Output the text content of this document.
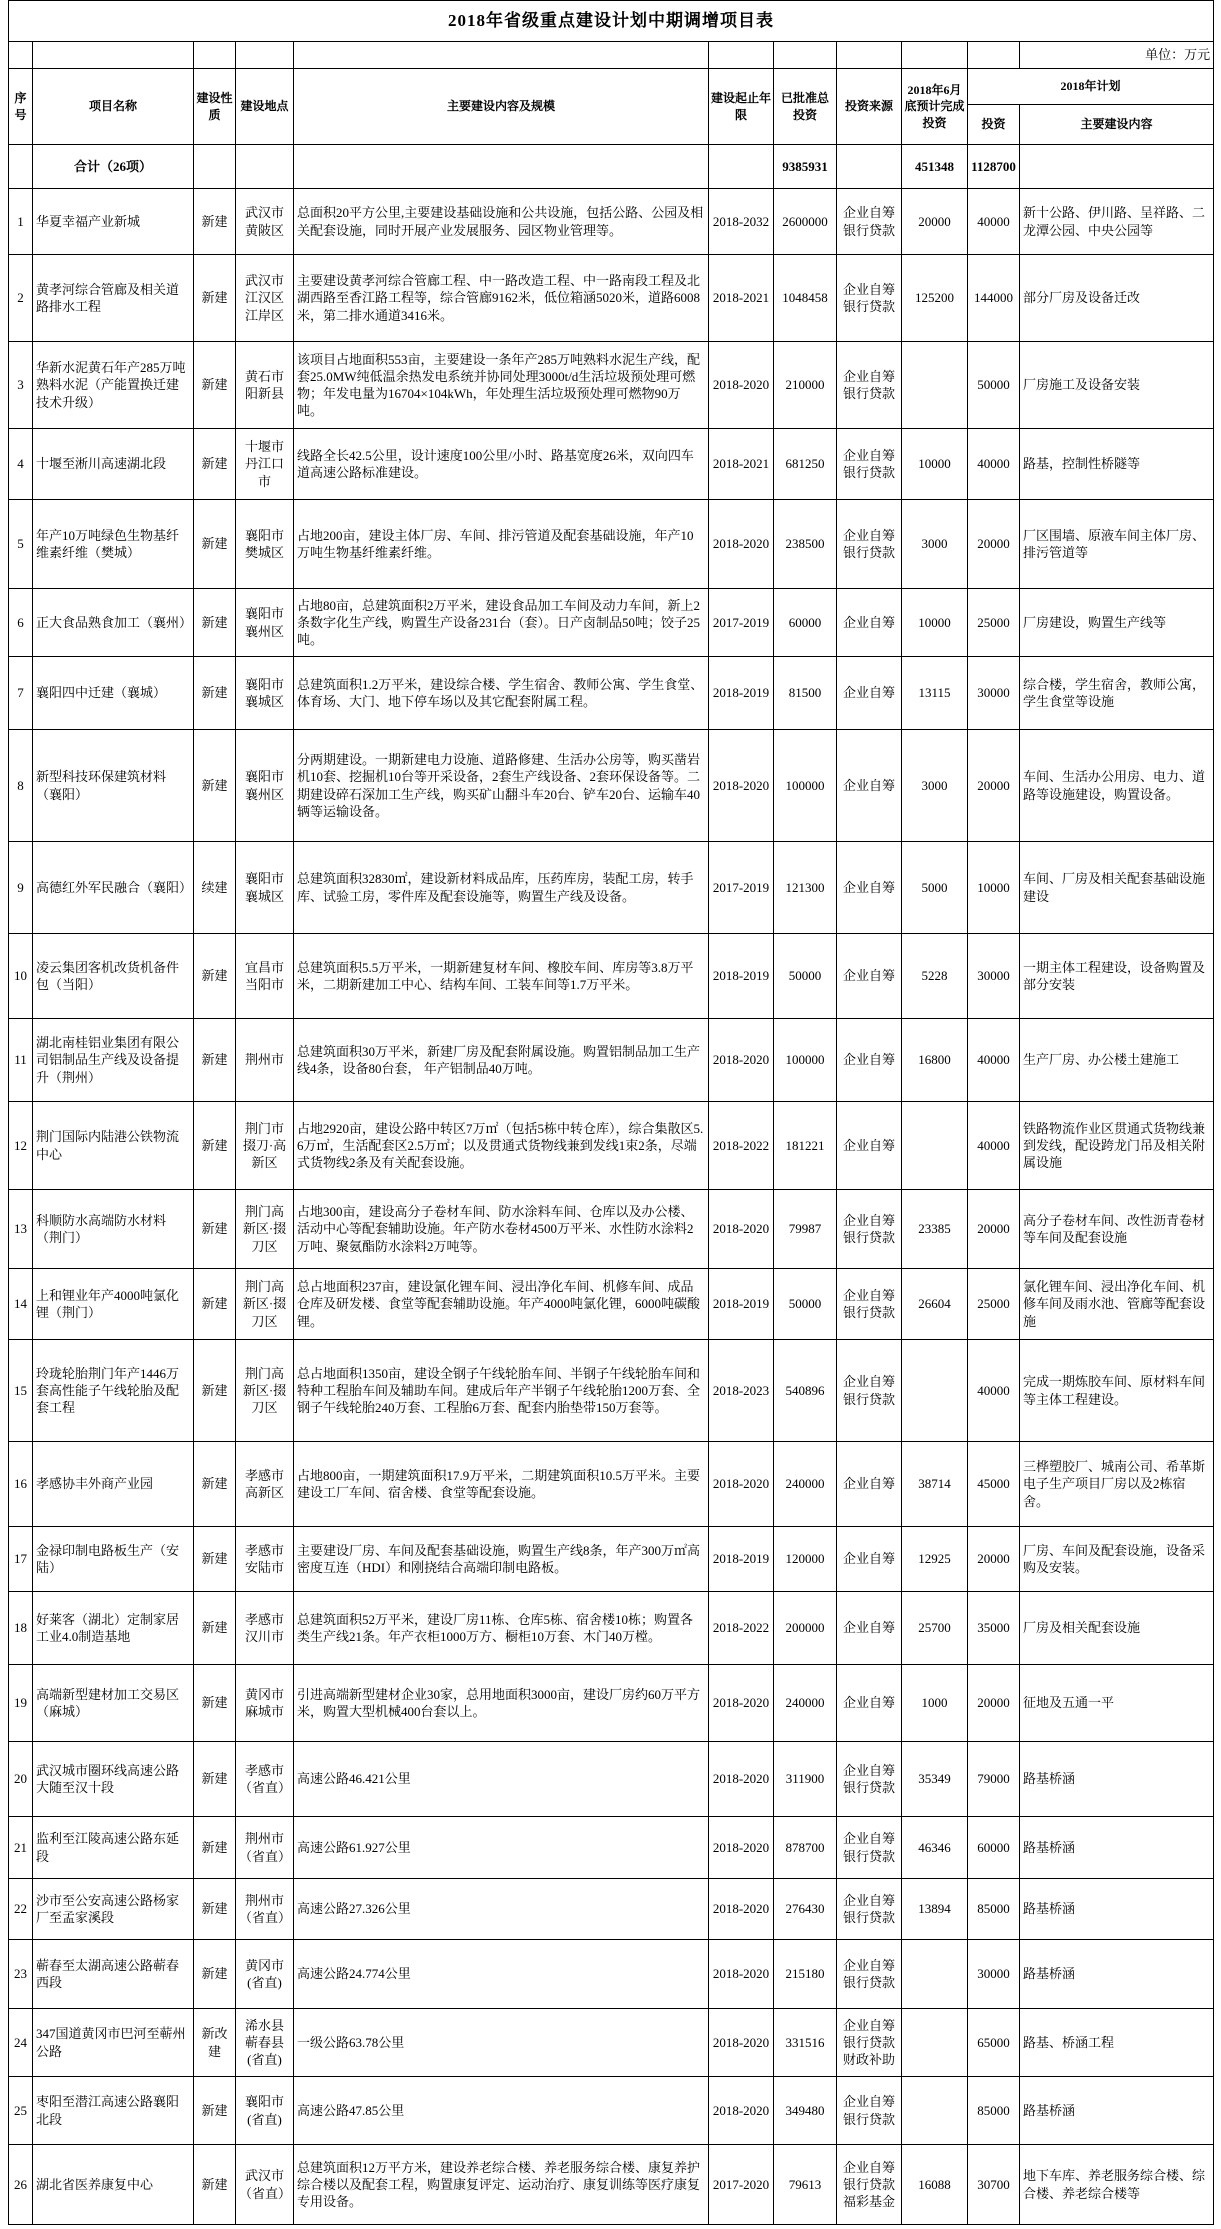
2018年省级重点建设计划中期调增项目表										
										单位：万元
序号	项目名称	建设性质	建设地点	主要建设内容及规模	建设起止年限	已批准总投资	投资来源	2018年6月底预计完成投资	2018年计划	
									投资	主要建设内容
	合计（26项）					9385931		451348	1128700	
1	华夏幸福产业新城	新建	武汉市黄陂区	总面积20平方公里,主要建设基础设施和公共设施，包括公路、公园及相关配套设施，同时开展产业发展服务、园区物业管理等。	2018-2032	2600000	企业自筹银行贷款	20000	40000	新十公路、伊川路、呈祥路、二龙潭公园、中央公园等
2	黄孝河综合管廊及相关道路排水工程	新建	武汉市江汉区江岸区	主要建设黄孝河综合管廊工程、中一路改造工程、中一路南段工程及北湖西路至香江路工程等，综合管廊9162米，低位箱涵5020米，道路6008米，第二排水通道3416米。	2018-2021	1048458	企业自筹银行贷款	125200	144000	部分厂房及设备迁改
3	华新水泥黄石年产285万吨熟料水泥（产能置换迁建技术升级）	新建	黄石市阳新县	该项目占地面积553亩，主要建设一条年产285万吨熟料水泥生产线，配套25.0MW纯低温余热发电系统并协同处理3000t/d生活垃圾预处理可燃物；年发电量为16704×104kWh，年处理生活垃圾预处理可燃物90万吨。	2018-2020	210000	企业自筹银行贷款		50000	厂房施工及设备安装
4	十堰至淅川高速湖北段	新建	十堰市丹江口市	线路全长42.5公里，设计速度100公里/小时、路基宽度26米，双向四车道高速公路标准建设。	2018-2021	681250	企业自筹银行贷款	10000	40000	路基，控制性桥隧等
5	年产10万吨绿色生物基纤维素纤维（樊城）	新建	襄阳市樊城区	占地200亩，建设主体厂房、车间、排污管道及配套基础设施，年产10万吨生物基纤维素纤维。	2018-2020	238500	企业自筹银行贷款	3000	20000	厂区围墙、原液车间主体厂房、排污管道等
6	正大食品熟食加工（襄州）	新建	襄阳市襄州区	占地80亩，总建筑面积2万平米，建设食品加工车间及动力车间，新上2条数字化生产线，购置生产设备231台（套）。日产卤制品50吨；饺子25吨。	2017-2019	60000	企业自筹	10000	25000	厂房建设，购置生产线等
7	襄阳四中迁建（襄城）	新建	襄阳市襄城区	总建筑面积1.2万平米，建设综合楼、学生宿舍、教师公寓、学生食堂、体育场、大门、地下停车场以及其它配套附属工程。	2018-2019	81500	企业自筹	13115	30000	综合楼，学生宿舍，教师公寓，学生食堂等设施
8	新型科技环保建筑材料（襄阳）	新建	襄阳市襄州区	分两期建设。一期新建电力设施、道路修建、生活办公房等，购买凿岩机10套、挖掘机10台等开采设备，2套生产线设备、2套环保设备等。二期建设碎石深加工生产线，购买矿山翻斗车20台、铲车20台、运输车40辆等运输设备。	2018-2020	100000	企业自筹	3000	20000	车间、生活办公用房、电力、道路等设施建设，购置设备。
9	高德红外军民融合（襄阳）	续建	襄阳市襄城区	总建筑面积32830㎡，建设新材料成品库，压药库房，装配工房，转手库、试验工房，零件库及配套设施等，购置生产线及设备。	2017-2019	121300	企业自筹	5000	10000	车间、厂房及相关配套基础设施建设
10	凌云集团客机改货机备件包（当阳）	新建	宜昌市当阳市	总建筑面积5.5万平米，一期新建复材车间、橡胶车间、库房等3.8万平米，二期新建加工中心、结构车间、工装车间等1.7万平米。	2018-2019	50000	企业自筹	5228	30000	一期主体工程建设，设备购置及部分安装
11	湖北南桂铝业集团有限公司铝制品生产线及设备提升（荆州）	新建	荆州市	总建筑面积30万平米，新建厂房及配套附属设施。购置铝制品加工生产线4条，设备80台套， 年产铝制品40万吨。	2018-2020	100000	企业自筹	16800	40000	生产厂房、办公楼土建施工
12	荆门国际内陆港公铁物流中心	新建	荆门市掇刀·高新区	占地2920亩，建设公路中转区7万㎡（包括5栋中转仓库），综合集散区5.6万㎡，生活配套区2.5万㎡；以及贯通式货物线兼到发线1束2条，尽端式货物线2条及有关配套设施。	2018-2022	181221	企业自筹		40000	铁路物流作业区贯通式货物线兼到发线，配设跨龙门吊及相关附属设施
13	科顺防水高端防水材料（荆门）	新建	荆门高新区·掇刀区	占地300亩，建设高分子卷材车间、防水涂料车间、仓库以及办公楼、活动中心等配套辅助设施。年产防水卷材4500万平米、水性防水涂料2万吨、聚氨酯防水涂料2万吨等。	2018-2020	79987	企业自筹银行贷款	23385	20000	高分子卷材车间、改性沥青卷材等车间及配套设施
14	上和锂业年产4000吨氯化锂（荆门）	新建	荆门高新区·掇刀区	总占地面积237亩，建设氯化锂车间、浸出净化车间、机修车间、成品仓库及研发楼、食堂等配套辅助设施。年产4000吨氯化锂，6000吨碳酸锂。	2018-2019	50000	企业自筹银行贷款	26604	25000	氯化锂车间、浸出净化车间、机修车间及雨水池、管廊等配套设施
15	玲珑轮胎荆门年产1446万套高性能子午线轮胎及配套工程	新建	荆门高新区·掇刀区	总占地面积1350亩，建设全钢子午线轮胎车间、半钢子午线轮胎车间和特种工程胎车间及辅助车间。建成后年产半钢子午线轮胎1200万套、全钢子午线轮胎240万套、工程胎6万套、配套内胎垫带150万套等。	2018-2023	540896	企业自筹银行贷款		40000	完成一期炼胶车间、原材料车间等主体工程建设。
16	孝感协丰外商产业园	新建	孝感市高新区	占地800亩，一期建筑面积17.9万平米，二期建筑面积10.5万平米。主要建设工厂车间、宿舍楼、食堂等配套设施。	2018-2020	240000	企业自筹	38714	45000	三桦塑胶厂、城南公司、希革斯电子生产项目厂房以及2栋宿舍。
17	金禄印制电路板生产（安陆）	新建	孝感市安陆市	主要建设厂房、车间及配套基础设施，购置生产线8条，年产300万㎡高密度互连（HDI）和刚挠结合高端印制电路板。	2018-2019	120000	企业自筹	12925	20000	厂房、车间及配套设施，设备采购及安装。
18	好莱客（湖北）定制家居工业4.0制造基地	新建	孝感市汉川市	总建筑面积52万平米，建设厂房11栋、仓库5栋、宿舍楼10栋；购置各类生产线21条。年产衣柜1000万方、橱柜10万套、木门40万樘。	2018-2022	200000	企业自筹	25700	35000	厂房及相关配套设施
19	高端新型建材加工交易区（麻城）	新建	黄冈市麻城市	引进高端新型建材企业30家，总用地面积3000亩，建设厂房约60万平方米，购置大型机械400台套以上。	2018-2020	240000	企业自筹	1000	20000	征地及五通一平
20	武汉城市圈环线高速公路大随至汉十段	新建	孝感市（省直）	高速公路46.421公里	2018-2020	311900	企业自筹银行贷款	35349	79000	路基桥涵
21	监利至江陵高速公路东延段	新建	荆州市（省直）	高速公路61.927公里	2018-2020	878700	企业自筹银行贷款	46346	60000	路基桥涵
22	沙市至公安高速公路杨家厂至孟家溪段	新建	荆州市（省直）	高速公路27.326公里	2018-2020	276430	企业自筹银行贷款	13894	85000	路基桥涵
23	蕲春至太湖高速公路蕲春西段	新建	黄冈市(省直)	高速公路24.774公里	2018-2020	215180	企业自筹银行贷款		30000	路基桥涵
24	347国道黄冈市巴河至蕲州公路	新改建	浠水县蕲春县(省直)	一级公路63.78公里	2018-2020	331516	企业自筹银行贷款财政补助		65000	路基、桥涵工程
25	枣阳至潜江高速公路襄阳北段	新建	襄阳市(省直)	高速公路47.85公里	2018-2020	349480	企业自筹银行贷款		85000	路基桥涵
26	湖北省医养康复中心	新建	武汉市（省直）	总建筑面积12万平方米，建设养老综合楼、养老服务综合楼、康复养护综合楼以及配套工程，购置康复评定、运动治疗、康复训练等医疗康复专用设备。	2017-2020	79613	企业自筹银行贷款福彩基金	16088	30700	地下车库、养老服务综合楼、综合楼、养老综合楼等
